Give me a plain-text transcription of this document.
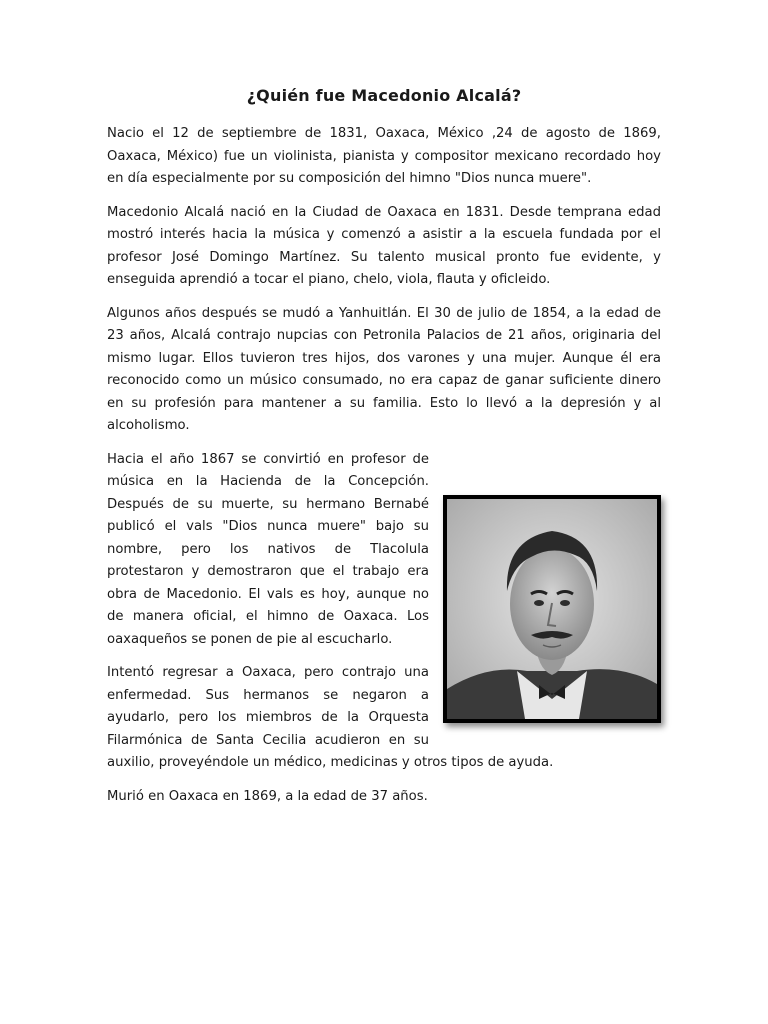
¿Quién fue Macedonio Alcalá?

Nacio el 12 de septiembre de 1831, Oaxaca, México ,24 de agosto de 1869, Oaxaca, México) fue un violinista, pianista y compositor mexicano recordado hoy en día especialmente por su composición del himno "Dios nunca muere".

Macedonio Alcalá nació en la Ciudad de Oaxaca en 1831. Desde temprana edad mostró interés hacia la música y comenzó a asistir a la escuela fundada por el profesor José Domingo Martínez. Su talento musical pronto fue evidente, y enseguida aprendió a tocar el piano, chelo, viola, flauta y oficleido.

Algunos años después se mudó a Yanhuitlán. El 30 de julio de 1854, a la edad de 23 años, Alcalá contrajo nupcias con Petronila Palacios de 21 años, originaria del mismo lugar. Ellos tuvieron tres hijos, dos varones y una mujer. Aunque él era reconocido como un músico consumado, no era capaz de ganar suficiente dinero en su profesión para mantener a su familia. Esto lo llevó a la depresión y al alcoholismo.

Hacia el año 1867 se convirtió en profesor de música en la Hacienda de la Concepción. Después de su muerte, su hermano Bernabé publicó el vals "Dios nunca muere" bajo su nombre, pero los nativos de Tlacolula protestaron y demostraron que el trabajo era obra de Macedonio. El vals es hoy, aunque no de manera oficial, el himno de Oaxaca. Los oaxaqueños se ponen de pie al escucharlo.

Intentó regresar a Oaxaca, pero contrajo una enfermedad. Sus hermanos se negaron a ayudarlo, pero los miembros de la Orquesta Filarmónica de Santa Cecilia acudieron en su auxilio, proveyéndole un médico, medicinas y otros tipos de ayuda.

Murió en Oaxaca en 1869, a la edad de 37 años.
